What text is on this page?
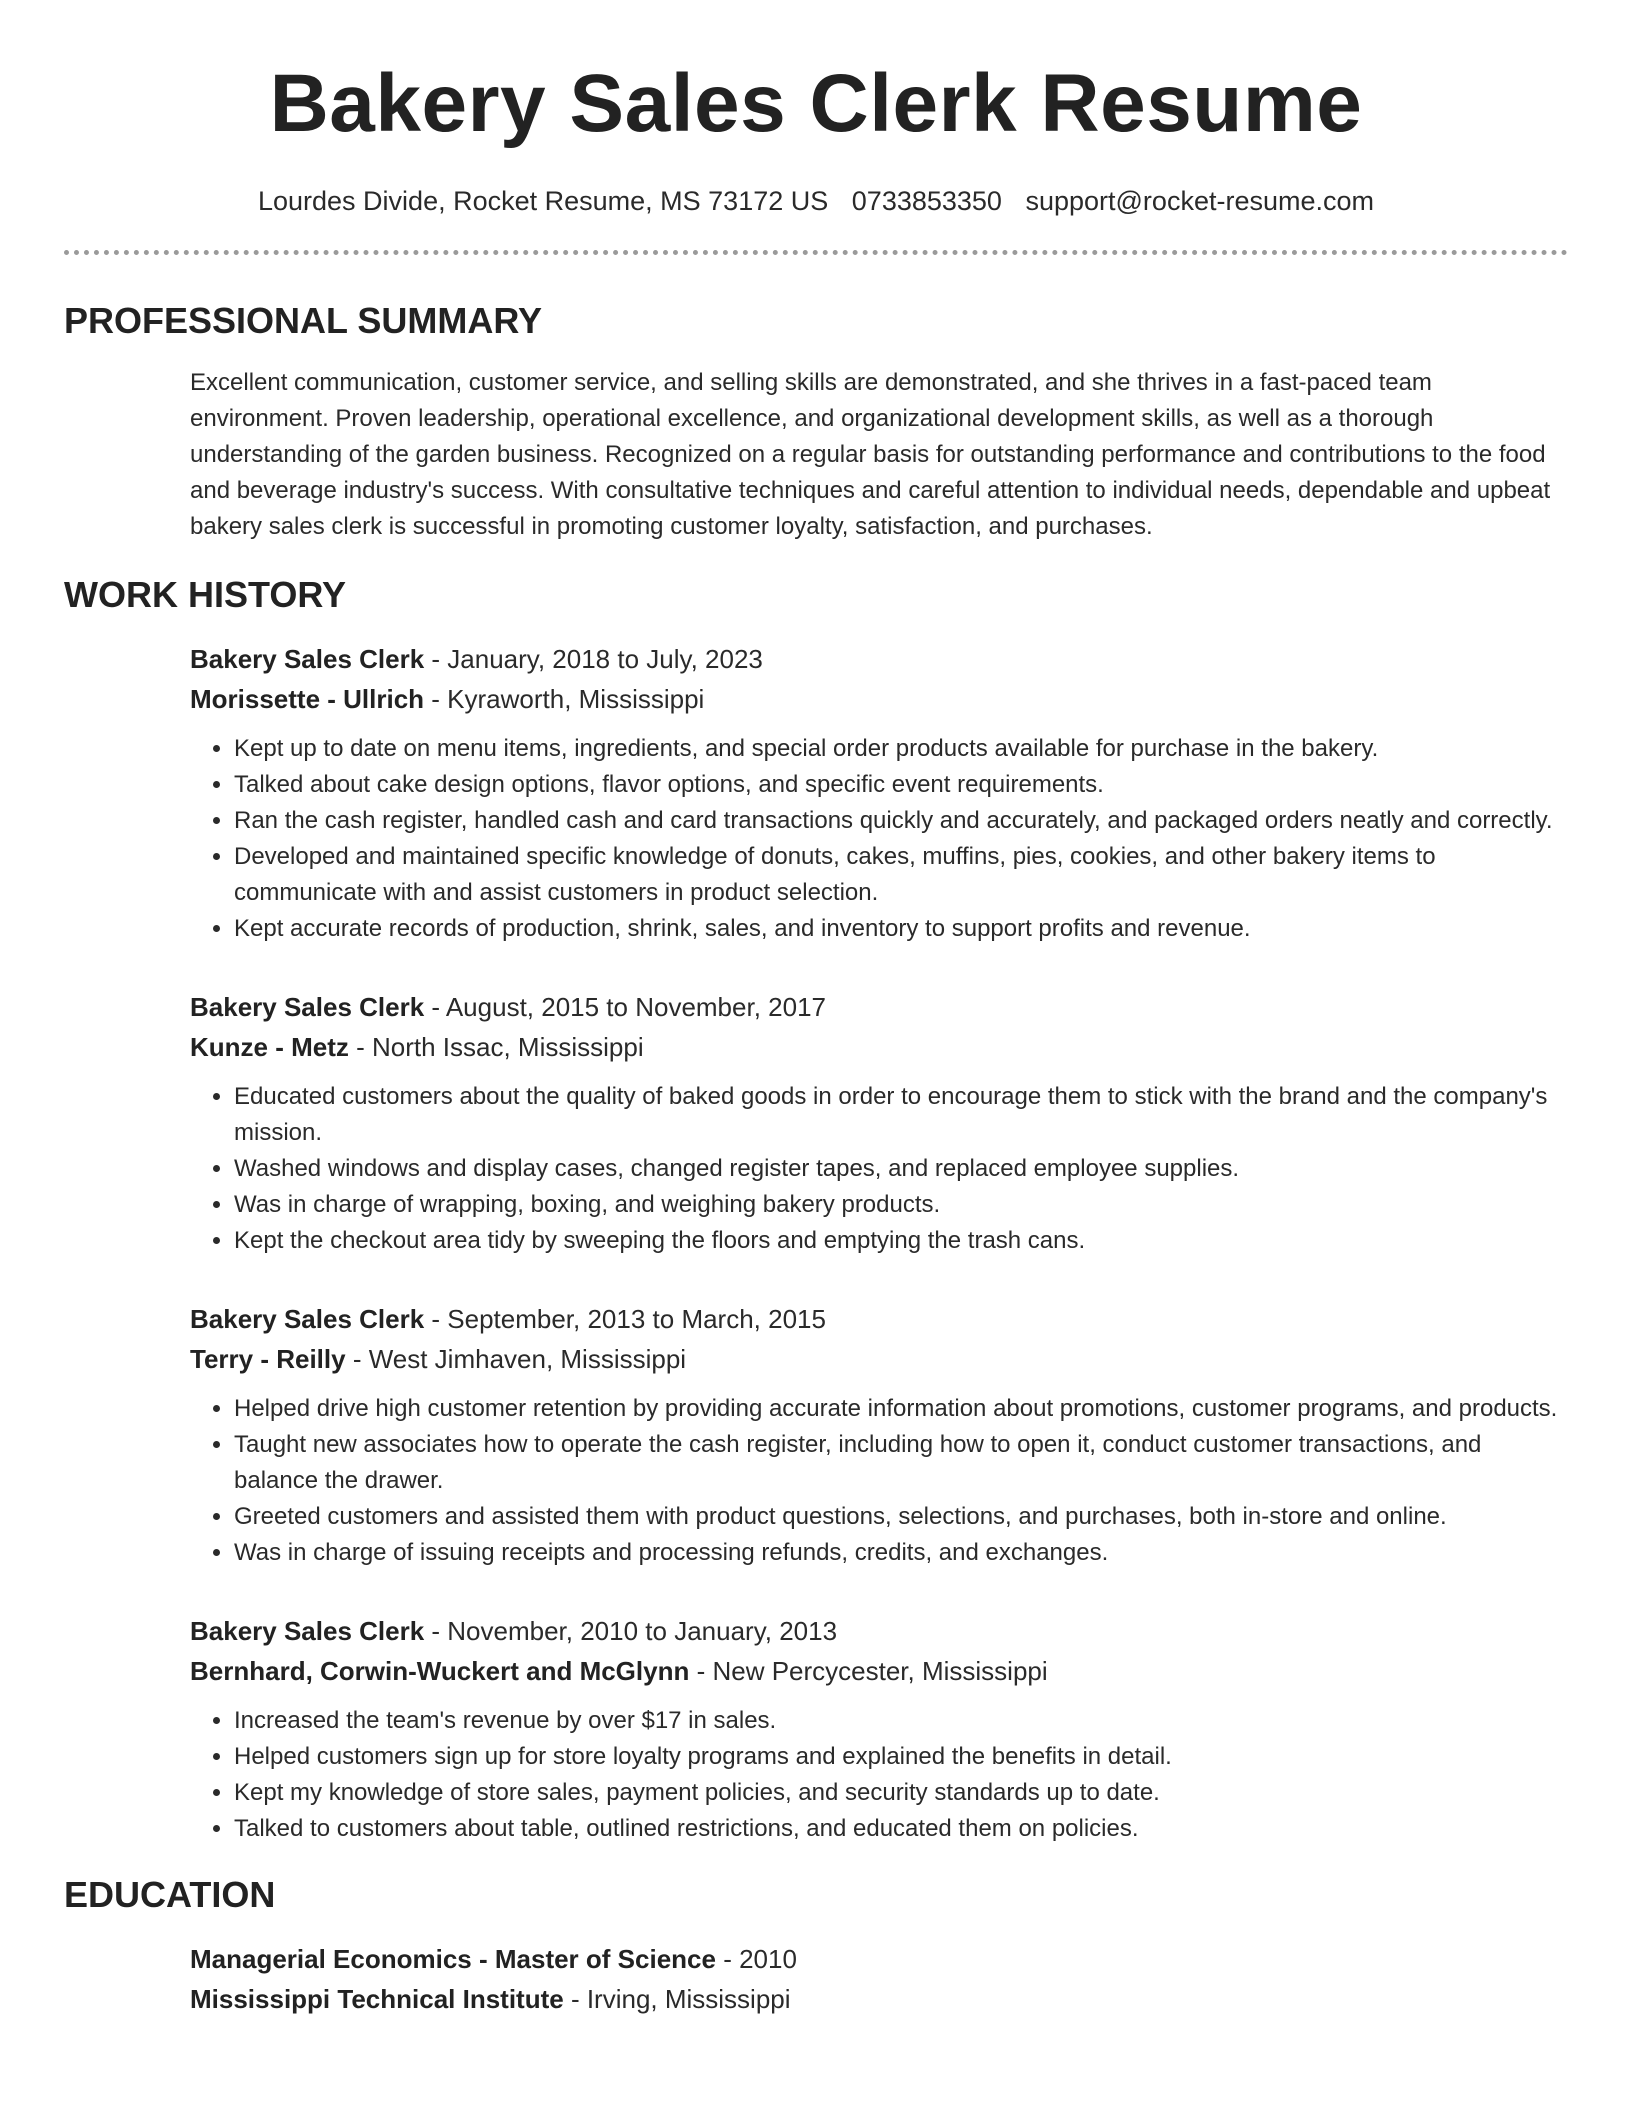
Bakery Sales Clerk Resume
Lourdes Divide, Rocket Resume, MS 73172 US 0733853350 support@rocket-resume.com
PROFESSIONAL SUMMARY

Excellent communication, customer service, and selling skills are demonstrated, and she thrives in a fast-paced team environment. Proven leadership, operational excellence, and organizational development skills, as well as a thorough understanding of the garden business. Recognized on a regular basis for outstanding performance and contributions to the food and beverage industry's success. With consultative techniques and careful attention to individual needs, dependable and upbeat bakery sales clerk is successful in promoting customer loyalty, satisfaction, and purchases.

WORK HISTORY
Bakery Sales Clerk - January, 2018 to July, 2023
Morissette - Ullrich - Kyraworth, Mississippi
• Kept up to date on menu items, ingredients, and special order products available for purchase in the bakery.
• Talked about cake design options, flavor options, and specific event requirements.
• Ran the cash register, handled cash and card transactions quickly and accurately, and packaged orders neatly and correctly.
• Developed and maintained specific knowledge of donuts, cakes, muffins, pies, cookies, and other bakery items to communicate with and assist customers in product selection.
• Kept accurate records of production, shrink, sales, and inventory to support profits and revenue.
Bakery Sales Clerk - August, 2015 to November, 2017
Kunze - Metz - North Issac, Mississippi
• Educated customers about the quality of baked goods in order to encourage them to stick with the brand and the company's mission.
• Washed windows and display cases, changed register tapes, and replaced employee supplies.
• Was in charge of wrapping, boxing, and weighing bakery products.
• Kept the checkout area tidy by sweeping the floors and emptying the trash cans.
Bakery Sales Clerk - September, 2013 to March, 2015
Terry - Reilly - West Jimhaven, Mississippi
• Helped drive high customer retention by providing accurate information about promotions, customer programs, and products.
• Taught new associates how to operate the cash register, including how to open it, conduct customer transactions, and balance the drawer.
• Greeted customers and assisted them with product questions, selections, and purchases, both in-store and online.
• Was in charge of issuing receipts and processing refunds, credits, and exchanges.
Bakery Sales Clerk - November, 2010 to January, 2013
Bernhard, Corwin-Wuckert and McGlynn - New Percycester, Mississippi
• Increased the team's revenue by over $17 in sales.
• Helped customers sign up for store loyalty programs and explained the benefits in detail.
• Kept my knowledge of store sales, payment policies, and security standards up to date.
• Talked to customers about table, outlined restrictions, and educated them on policies.
EDUCATION
Managerial Economics - Master of Science - 2010
Mississippi Technical Institute - Irving, Mississippi
